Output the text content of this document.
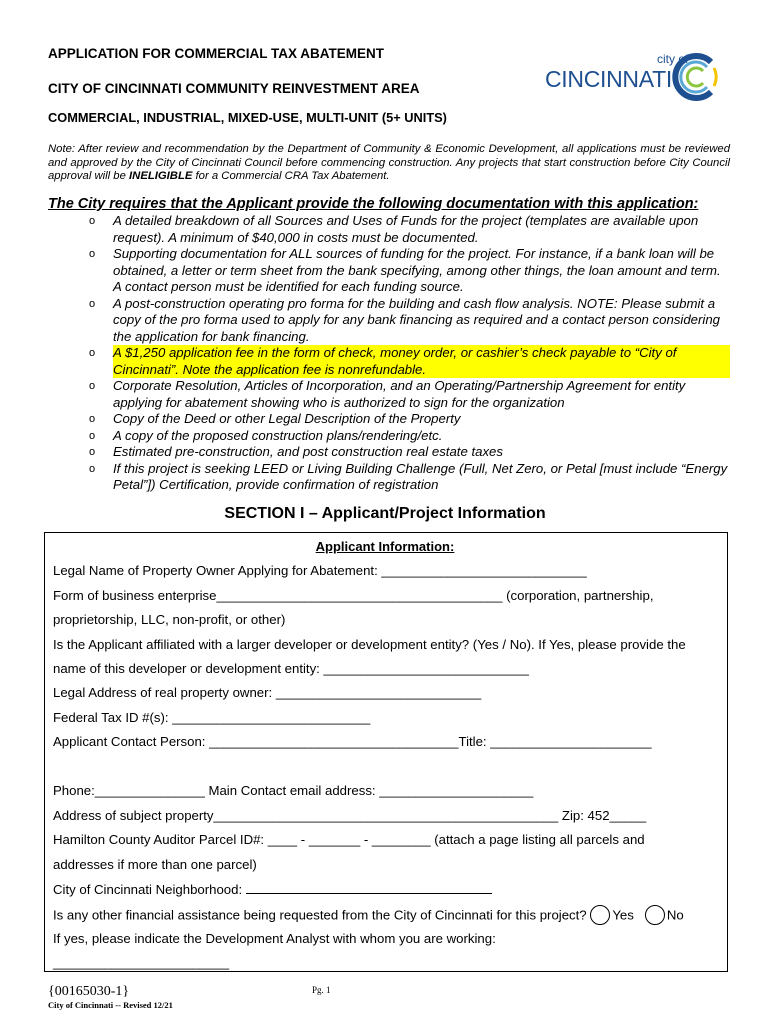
APPLICATION FOR COMMERCIAL TAX ABATEMENT
CITY OF CINCINNATI COMMUNITY REINVESTMENT AREA
COMMERCIAL, INDUSTRIAL, MIXED-USE, MULTI-UNIT (5+ UNITS)
city of
CINCINNATI
Note: After review and recommendation by the Department of Community & Economic Development, all applications must be reviewed and approved by the City of Cincinnati Council before commencing construction. Any projects that start construction before City Council approval will be INELIGIBLE for a Commercial CRA Tax Abatement.
The City requires that the Applicant provide the following documentation with this application:
o A detailed breakdown of all Sources and Uses of Funds for the project (templates are available upon request). A minimum of $40,000 in costs must be documented.
o Supporting documentation for ALL sources of funding for the project. For instance, if a bank loan will be obtained, a letter or term sheet from the bank specifying, among other things, the loan amount and term. A contact person must be identified for each funding source.
o A post-construction operating pro forma for the building and cash flow analysis. NOTE: Please submit a copy of the pro forma used to apply for any bank financing as required and a contact person considering the application for bank financing.
o A $1,250 application fee in the form of check, money order, or cashier’s check payable to “City of Cincinnati”. Note the application fee is nonrefundable.
o Corporate Resolution, Articles of Incorporation, and an Operating/Partnership Agreement for entity applying for abatement showing who is authorized to sign for the organization
o Copy of the Deed or other Legal Description of the Property
o A copy of the proposed construction plans/rendering/etc.
o Estimated pre-construction, and post construction real estate taxes
o If this project is seeking LEED or Living Building Challenge (Full, Net Zero, or Petal [must include “Energy Petal”]) Certification, provide confirmation of registration
SECTION I – Applicant/Project Information
Applicant Information:
Legal Name of Property Owner Applying for Abatement: ____________________________
Form of business enterprise_______________________________________ (corporation, partnership,
proprietorship, LLC, non-profit, or other)
Is the Applicant affiliated with a larger developer or development entity? (Yes / No). If Yes, please provide the
name of this developer or development entity: ____________________________
Legal Address of real property owner: ____________________________
Federal Tax ID #(s): ___________________________
Applicant Contact Person: __________________________________Title: ______________________
Phone:_______________ Main Contact email address: _____________________
Address of subject property_______________________________________________ Zip: 452_____
Hamilton County Auditor Parcel ID#: ____ - _______ - ________ (attach a page listing all parcels and
addresses if more than one parcel)
City of Cincinnati Neighborhood:
Is any other financial assistance being requested from the City of Cincinnati for this project? Yes	No
If yes, please indicate the Development Analyst with whom you are working:
________________________
{00165030-1}
City of Cincinnati -- Revised 12/21
Pg. 1
